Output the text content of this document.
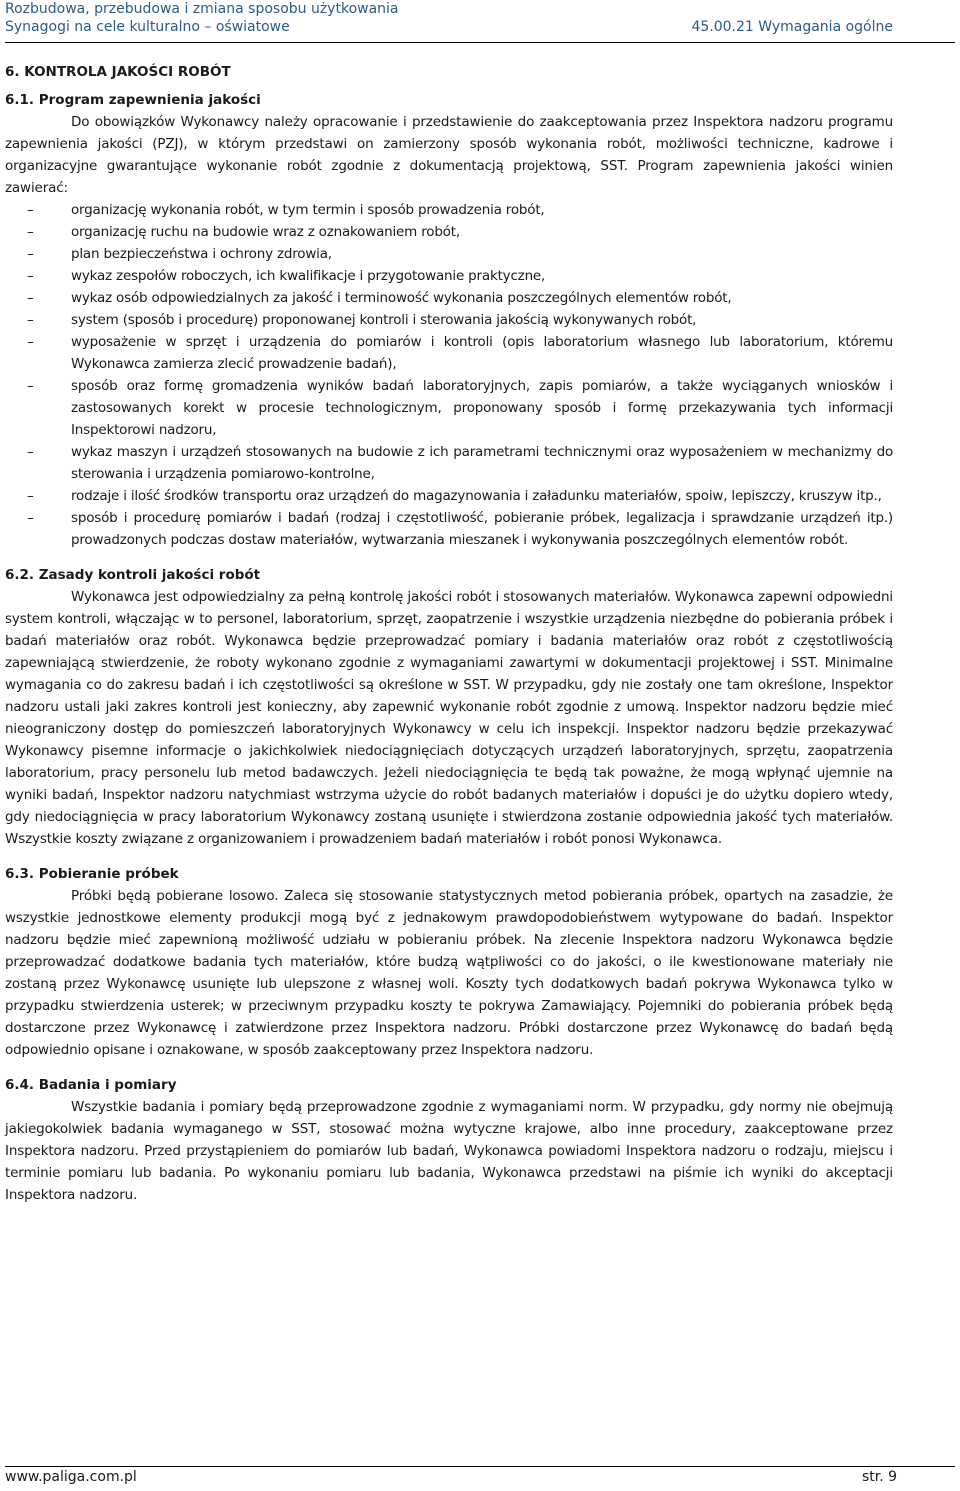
Rozbudowa, przebudowa i zmiana sposobu użytkowania
Synagogi na cele kulturalno – oświatowe	45.00.21 Wymagania ogólne

6. KONTROLA JAKOŚCI ROBÓT

6.1. Program zapewnienia jakości

Do obowiązków Wykonawcy należy opracowanie i przedstawienie do zaakceptowania przez Inspektora nadzoru programu zapewnienia jakości (PZJ), w którym przedstawi on zamierzony sposób wykonania robót, możliwości techniczne, kadrowe i organizacyjne gwarantujące wykonanie robót zgodnie z dokumentacją projektową, SST. Program zapewnienia jakości winien zawierać:

–	organizację wykonania robót, w tym termin i sposób prowadzenia robót,
–	organizację ruchu na budowie wraz z oznakowaniem robót,
–	plan bezpieczeństwa i ochrony zdrowia,
–	wykaz zespołów roboczych, ich kwalifikacje i przygotowanie praktyczne,
–	wykaz osób odpowiedzialnych za jakość i terminowość wykonania poszczególnych elementów robót,
–	system (sposób i procedurę) proponowanej kontroli i sterowania jakością wykonywanych robót,
–	wyposażenie w sprzęt i urządzenia do pomiarów i kontroli (opis laboratorium własnego lub laboratorium, któremu Wykonawca zamierza zlecić prowadzenie badań),
–	sposób oraz formę gromadzenia wyników badań laboratoryjnych, zapis pomiarów, a także wyciąganych wniosków i zastosowanych korekt w procesie technologicznym, proponowany sposób i formę przekazywania tych informacji Inspektorowi nadzoru,
–	wykaz maszyn i urządzeń stosowanych na budowie z ich parametrami technicznymi oraz wyposażeniem w mechanizmy do sterowania i urządzenia pomiarowo-kontrolne,
–	rodzaje i ilość środków transportu oraz urządzeń do magazynowania i załadunku materiałów, spoiw, lepiszczy, kruszyw itp.,
–	sposób i procedurę pomiarów i badań (rodzaj i częstotliwość, pobieranie próbek, legalizacja i sprawdzanie urządzeń itp.) prowadzonych podczas dostaw materiałów, wytwarzania mieszanek i wykonywania poszczególnych elementów robót.

6.2. Zasady kontroli jakości robót

Wykonawca jest odpowiedzialny za pełną kontrolę jakości robót i stosowanych materiałów. Wykonawca zapewni odpowiedni system kontroli, włączając w to personel, laboratorium, sprzęt, zaopatrzenie i wszystkie urządzenia niezbędne do pobierania próbek i badań materiałów oraz robót. Wykonawca będzie przeprowadzać pomiary i badania materiałów oraz robót z częstotliwością zapewniającą stwierdzenie, że roboty wykonano zgodnie z wymaganiami zawartymi w dokumentacji projektowej i SST. Minimalne wymagania co do zakresu badań i ich częstotliwości są określone w SST. W przypadku, gdy nie zostały one tam określone, Inspektor nadzoru ustali jaki zakres kontroli jest konieczny, aby zapewnić wykonanie robót zgodnie z umową. Inspektor nadzoru będzie mieć nieograniczony dostęp do pomieszczeń laboratoryjnych Wykonawcy w celu ich inspekcji. Inspektor nadzoru będzie przekazywać Wykonawcy pisemne informacje o jakichkolwiek niedociągnięciach dotyczących urządzeń laboratoryjnych, sprzętu, zaopatrzenia laboratorium, pracy personelu lub metod badawczych. Jeżeli niedociągnięcia te będą tak poważne, że mogą wpłynąć ujemnie na wyniki badań, Inspektor nadzoru natychmiast wstrzyma użycie do robót badanych materiałów i dopuści je do użytku dopiero wtedy, gdy niedociągnięcia w pracy laboratorium Wykonawcy zostaną usunięte i stwierdzona zostanie odpowiednia jakość tych materiałów. Wszystkie koszty związane z organizowaniem i prowadzeniem badań materiałów i robót ponosi Wykonawca.

6.3. Pobieranie próbek

Próbki będą pobierane losowo. Zaleca się stosowanie statystycznych metod pobierania próbek, opartych na zasadzie, że wszystkie jednostkowe elementy produkcji mogą być z jednakowym prawdopodobieństwem wytypowane do badań. Inspektor nadzoru będzie mieć zapewnioną możliwość udziału w pobieraniu próbek. Na zlecenie Inspektora nadzoru Wykonawca będzie przeprowadzać dodatkowe badania tych materiałów, które budzą wątpliwości co do jakości, o ile kwestionowane materiały nie zostaną przez Wykonawcę usunięte lub ulepszone z własnej woli. Koszty tych dodatkowych badań pokrywa Wykonawca tylko w przypadku stwierdzenia usterek; w przeciwnym przypadku koszty te pokrywa Zamawiający. Pojemniki do pobierania próbek będą dostarczone przez Wykonawcę i zatwierdzone przez Inspektora nadzoru. Próbki dostarczone przez Wykonawcę do badań będą odpowiednio opisane i oznakowane, w sposób zaakceptowany przez Inspektora nadzoru.

6.4. Badania i pomiary

Wszystkie badania i pomiary będą przeprowadzone zgodnie z wymaganiami norm. W przypadku, gdy normy nie obejmują jakiegokolwiek badania wymaganego w SST, stosować można wytyczne krajowe, albo inne procedury, zaakceptowane przez Inspektora nadzoru. Przed przystąpieniem do pomiarów lub badań, Wykonawca powiadomi Inspektora nadzoru o rodzaju, miejscu i terminie pomiaru lub badania. Po wykonaniu pomiaru lub badania, Wykonawca przedstawi na piśmie ich wyniki do akceptacji Inspektora nadzoru.

www.paliga.com.pl	str. 9
